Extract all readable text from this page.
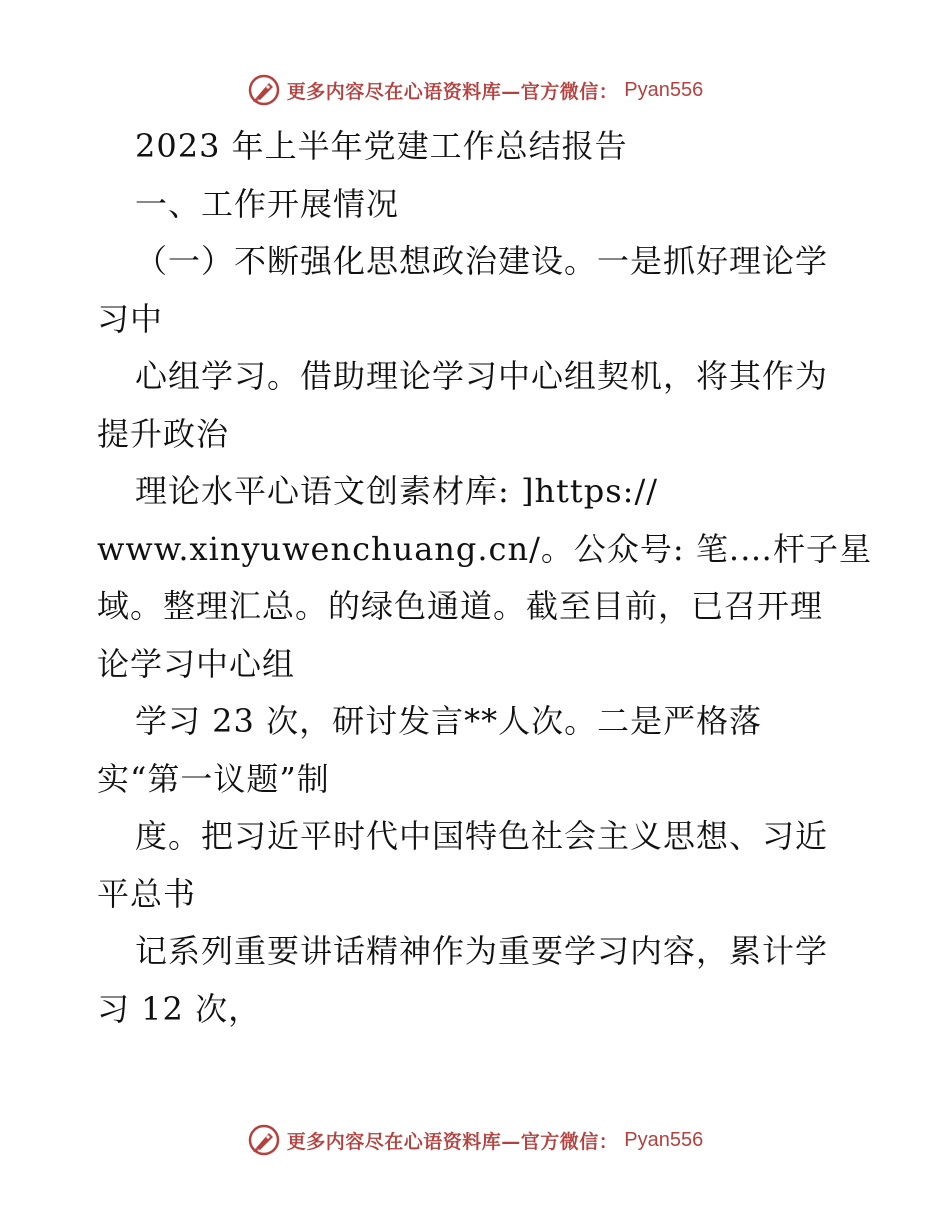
更多内容尽在心语资料库—官方微信： Pyan556
2023 年上半年党建工作总结报告
一、工作开展情况
（一）不断强化思想政治建设。一是抓好理论学
习中
心组学习。借助理论学习中心组契机，将其作为
提升政治
理论水平心语文创素材库: ]https://
www.xinyuwenchuang.cn/。公众号: 笔.…杆子星
域。整理汇总。的绿色通道。截至目前，已召开理
论学习中心组
学习 23 次，研讨发言**人次。二是严格落
实“第一议题”制
度。把习近平时代中国特色社会主义思想、习近
平总书
记系列重要讲话精神作为重要学习内容，累计学
习 12 次，
更多内容尽在心语资料库—官方微信： Pyan556
